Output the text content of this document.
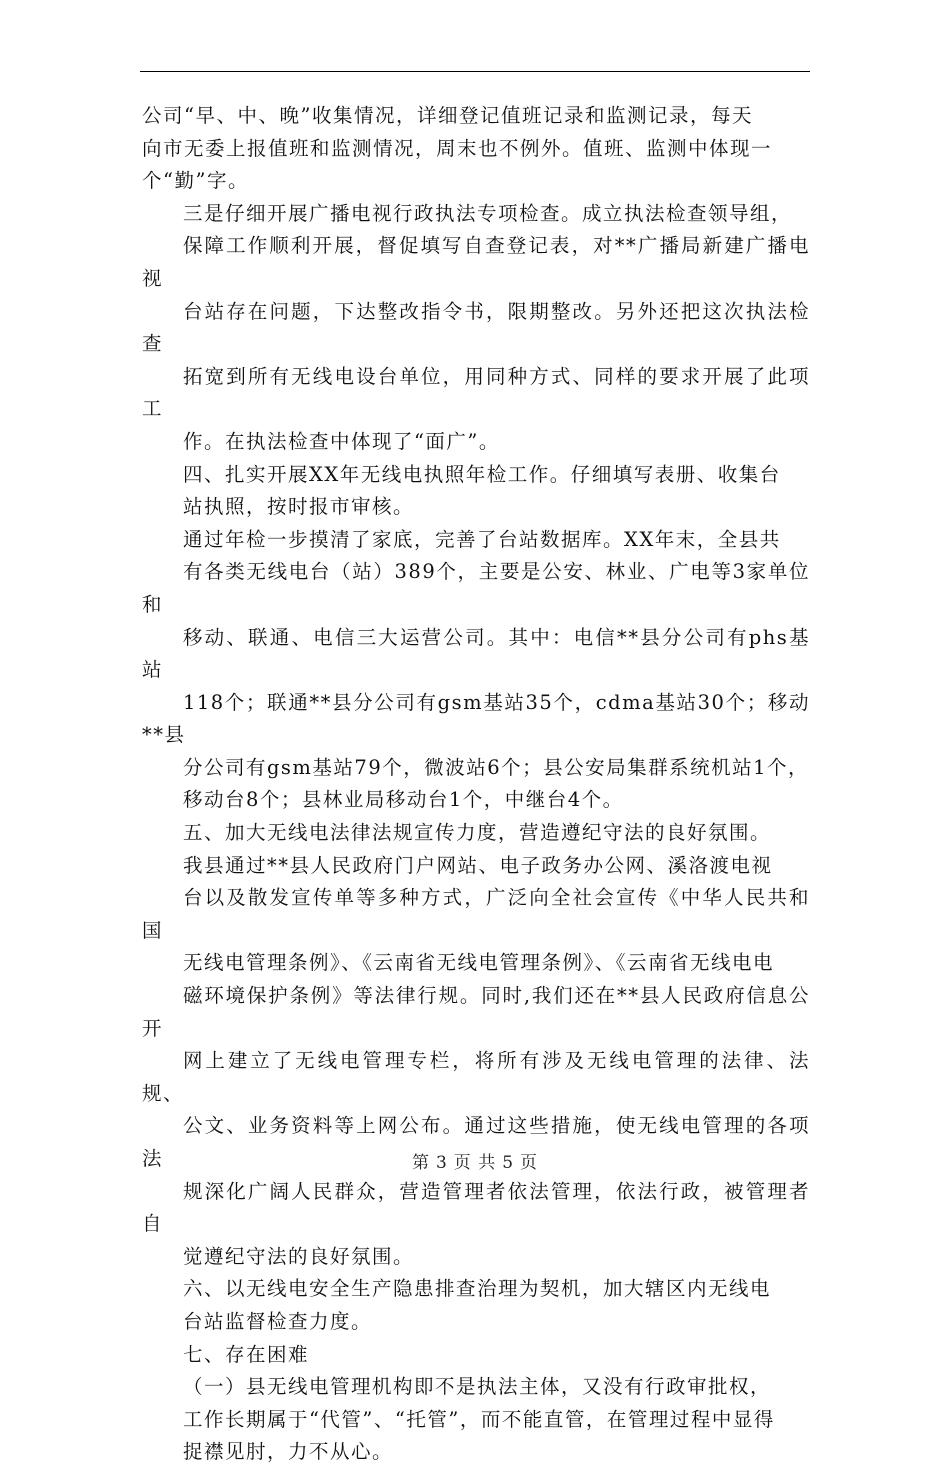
公司“早、中、晚”收集情况，详细登记值班记录和监测记录，每天
向市无委上报值班和监测情况，周末也不例外。值班、监测中体现一
个“勤”字。

三是仔细开展广播电视行政执法专项检查。成立执法检查领导组，
保障工作顺利开展，督促填写自查登记表，对**广播局新建广播电视
台站存在问题，下达整改指令书，限期整改。另外还把这次执法检查
拓宽到所有无线电设台单位，用同种方式、同样的要求开展了此项工
作。在执法检查中体现了“面广”。

四、扎实开展XX年无线电执照年检工作。仔细填写表册、收集台
站执照，按时报市审核。

通过年检一步摸清了家底，完善了台站数据库。XX年末，全县共
有各类无线电台（站）389个，主要是公安、林业、广电等3家单位和
移动、联通、电信三大运营公司。其中：电信**县分公司有phs基站
118个；联通**县分公司有gsm基站35个，cdma基站30个；移动**县
分公司有gsm基站79个，微波站6个；县公安局集群系统机站1个，
移动台8个；县林业局移动台1个，中继台4个。

五、加大无线电法律法规宣传力度，营造遵纪守法的良好氛围。

我县通过**县人民政府门户网站、电子政务办公网、溪洛渡电视
台以及散发宣传单等多种方式，广泛向全社会宣传《中华人民共和国
无线电管理条例》、《云南省无线电管理条例》、《云南省无线电电
磁环境保护条例》等法律行规。同时,我们还在**县人民政府信息公开
网上建立了无线电管理专栏，将所有涉及无线电管理的法律、法规、
公文、业务资料等上网公布。通过这些措施，使无线电管理的各项法
规深化广阔人民群众，营造管理者依法管理，依法行政，被管理者自
觉遵纪守法的良好氛围。

六、以无线电安全生产隐患排查治理为契机，加大辖区内无线电
台站监督检查力度。

七、存在困难

（一）县无线电管理机构即不是执法主体，又没有行政审批权，
工作长期属于“代管”、“托管”，而不能直管，在管理过程中显得
捉襟见肘，力不从心。

第 3 页 共 5 页
